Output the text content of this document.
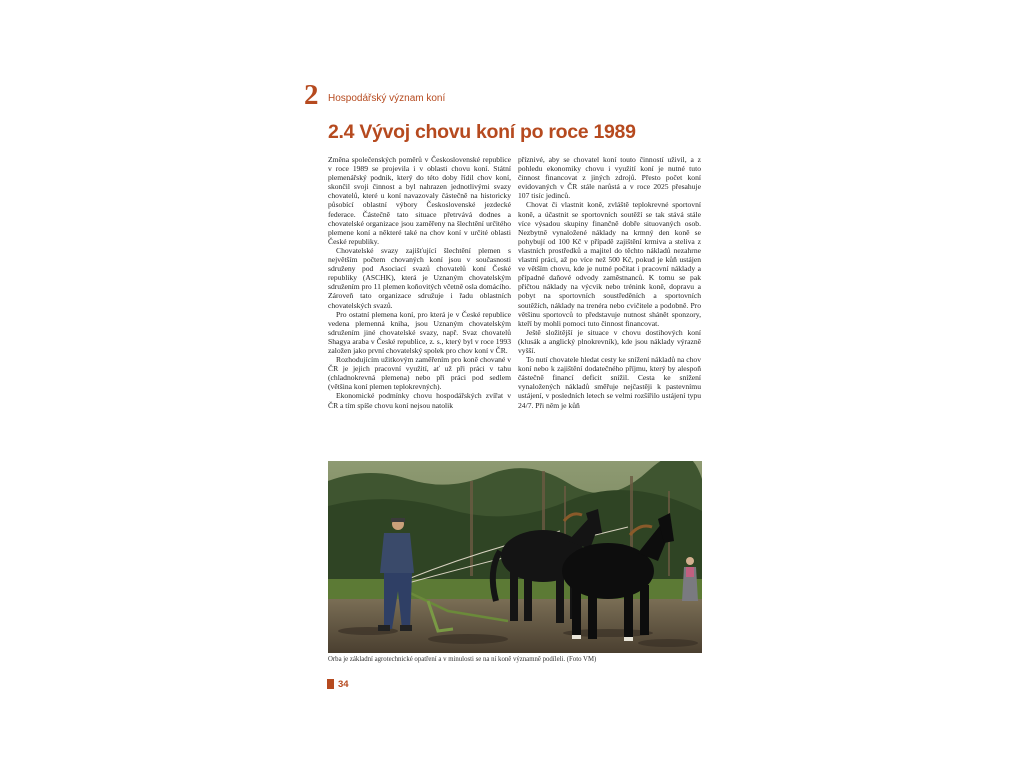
2 Hospodářský význam koní
2.4 Vývoj chovu koní po roce 1989

Změna společenských poměrů v Československé republice v roce 1989 se projevila i v oblasti chovu koní. Státní plemenářský podnik, který do této doby řídil chov koní, skončil svoji činnost a byl nahrazen jednotlivými svazy chovatelů, které u koní navazovaly částečně na historicky působící oblastní výbory Československé jezdecké federace. Částečně tato situace přetrvává dodnes a chovatelské organizace jsou zaměřeny na šlechtění určitého plemene koní a některé také na chov koní v určité oblasti České republiky.

Chovatelské svazy zajišťující šlechtění plemen s největším počtem chovaných koní jsou v současnosti sdruženy pod Asociací svazů chovatelů koní České republiky (ASCHK), která je Uznaným chovatelským sdružením pro 11 plemen koňovitých včetně osla domácího. Zároveň tato organizace sdružuje i řadu oblastních chovatelských svazů.

Pro ostatní plemena koní, pro která je v České republice vedena plemenná kniha, jsou Uznaným chovatelským sdružením jiné chovatelské svazy, např. Svaz chovatelů Shagya araba v České republice, z. s., který byl v roce 1993 založen jako první chovatelský spolek pro chov koní v ČR.

Rozhodujícím užitkovým zaměřením pro koně chované v ČR je jejich pracovní využití, ať už při práci v tahu (chladnokrevná plemena) nebo při práci pod sedlem (většina koní plemen teplokrevných).

Ekonomické podmínky chovu hospodářských zvířat v ČR a tím spíše chovu koní nejsou natolik

příznivé, aby se chovatel koní touto činností uživil, a z pohledu ekonomiky chovu i využití koní je nutné tuto činnost financovat z jiných zdrojů. Přesto počet koní evidovaných v ČR stále narůstá a v roce 2025 přesahuje 107 tisíc jedinců.

Chovat či vlastnit koně, zvláště teplokrevné sportovní koně, a účastnit se sportovních soutěží se tak stává stále více výsadou skupiny finančně dobře situovaných osob. Nezbytně vynaložené náklady na krmný den koně se pohybují od 100 Kč v případě zajištění krmiva a steliva z vlastních prostředků a majitel do těchto nákladů nezahrne vlastní práci, až po více než 500 Kč, pokud je kůň ustájen ve větším chovu, kde je nutné počítat i pracovní náklady a případné daňové odvody zaměstnanců. K tomu se pak přičtou náklady na výcvik nebo trénink koně, dopravu a pobyt na sportovních soustředěních a sportovních soutěžích, náklady na trenéra nebo cvičitele a podobně. Pro většinu sportovců to představuje nutnost shánět sponzory, kteří by mohli pomoci tuto činnost financovat.

Ještě složitější je situace v chovu dostihových koní (klusák a anglický plnokrevník), kde jsou náklady výrazně vyšší.

To nutí chovatele hledat cesty ke snížení nákladů na chov koní nebo k zajištění dodatečného příjmu, který by alespoň částečně financí deficit snížil. Cesta ke snížení vynaložených nákladů směřuje nejčastěji k pastevnímu ustájení, v posledních letech se velmi rozšířilo ustájení typu 24/7. Při něm je kůň

Orba je základní agrotechnické opatření a v minulosti se na ní koně významně podíleli. (Foto VM)
34
